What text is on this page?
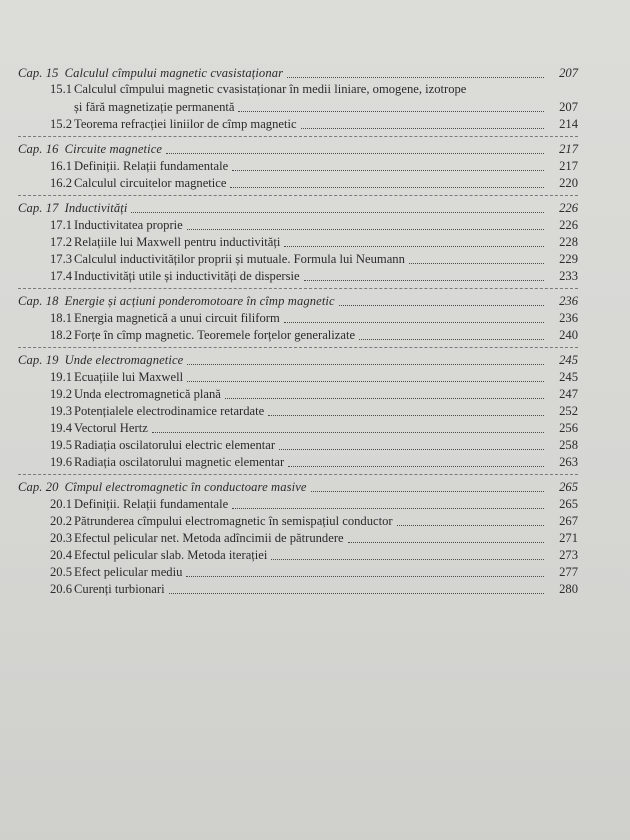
Cap. 15 Calculul cîmpului magnetic cvasistaționar	207
15.1 Calculul cîmpului magnetic cvasistaționar în medii liniare, omogene, izotrope
și fără magnetizație permanentă	207
15.2 Teorema refracției liniilor de cîmp magnetic	214
Cap. 16 Circuite magnetice	217
16.1 Definiții. Relații fundamentale	217
16.2 Calculul circuitelor magnetice	220
Cap. 17 Inductivități	226
17.1 Inductivitatea proprie	226
17.2 Relațiile lui Maxwell pentru inductivități	228
17.3 Calculul inductivităților proprii și mutuale. Formula lui Neumann	229
17.4 Inductivități utile și inductivități de dispersie	233
Cap. 18 Energie și acțiuni ponderomotoare în cîmp magnetic	236
18.1 Energia magnetică a unui circuit filiform	236
18.2 Forțe în cîmp magnetic. Teoremele forțelor generalizate	240
Cap. 19 Unde electromagnetice	245
19.1 Ecuațiile lui Maxwell	245
19.2 Unda electromagnetică plană	247
19.3 Potențialele electrodinamice retardate	252
19.4 Vectorul Hertz	256
19.5 Radiația oscilatorului electric elementar	258
19.6 Radiația oscilatorului magnetic elementar	263
Cap. 20 Cîmpul electromagnetic în conductoare masive	265
20.1 Definiții. Relații fundamentale	265
20.2 Pătrunderea cîmpului electromagnetic în semispațiul conductor	267
20.3 Efectul pelicular net. Metoda adîncimii de pătrundere	271
20.4 Efectul pelicular slab. Metoda iterației	273
20.5 Efect pelicular mediu	277
20.6 Curenți turbionari	280
